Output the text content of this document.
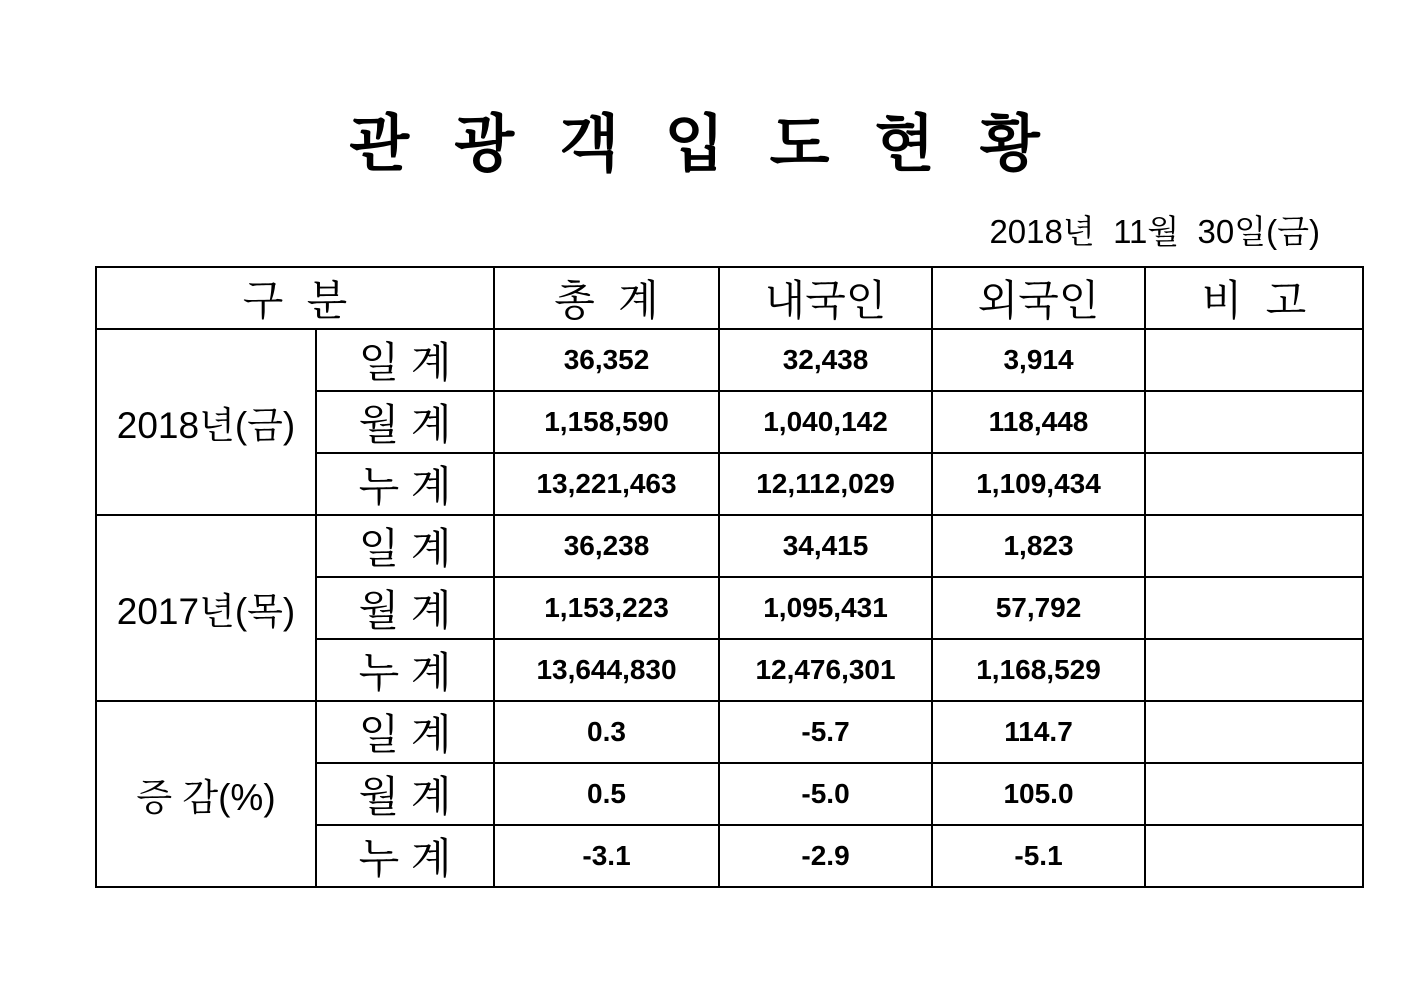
관 광 객 입 도 현 황
2018년  11월  30일(금)
구  분		총  계	내국인	외국인	비  고
2018년(금)	일 계	36,352	32,438	3,914	
	월 계	1,158,590	1,040,142	118,448	
	누 계	13,221,463	12,112,029	1,109,434	
2017년(목)	일 계	36,238	34,415	1,823	
	월 계	1,153,223	1,095,431	57,792	
	누 계	13,644,830	12,476,301	1,168,529	
증 감(%)	일 계	0.3	-5.7	114.7	
	월 계	0.5	-5.0	105.0	
	누 계	-3.1	-2.9	-5.1	
